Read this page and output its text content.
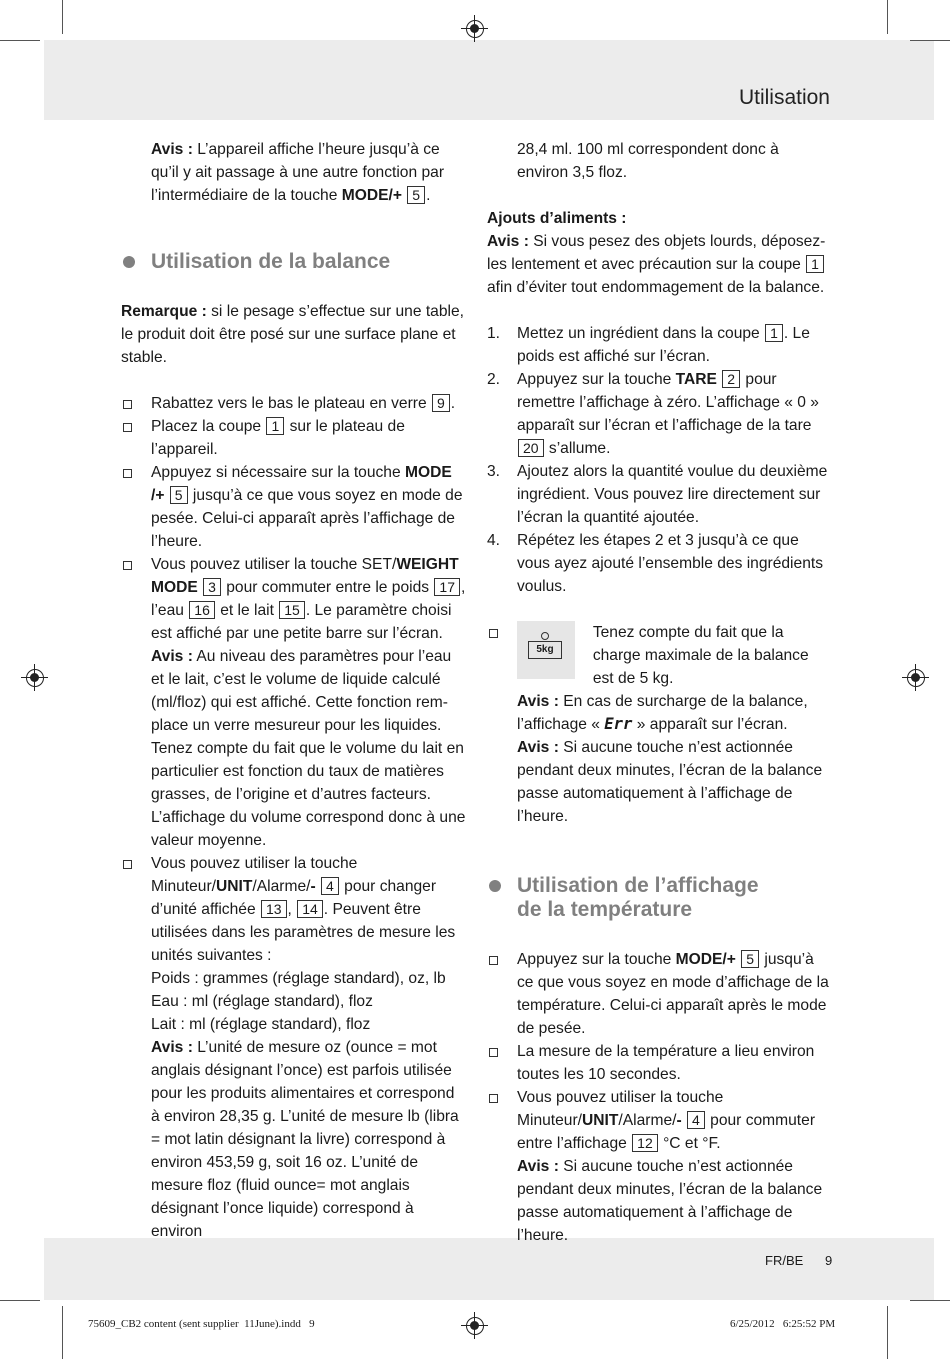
Utilisation

Avis : L’appareil affiche l’heure jusqu’à ce qu’il y ait passage à une autre fonction par l’intermédiaire de la touche MODE/+ 5 .

Utilisation de la balance

Remarque : si le pesage s’effectue sur une table, le produit doit être posé sur une surface plane et stable.

Rabattez vers le bas le plateau en verre 9 .
Placez la coupe 1 sur le plateau de l’appareil.
Appuyez si nécessaire sur la touche MODE /+ 5 jusqu’à ce que vous soyez en mode de pesée. Celui-ci apparaît après l’affichage de l’heure.
Vous pouvez utiliser la touche SET/WEIGHT MODE 3 pour commuter entre le poids 17 , l’eau 16 et le lait 15 . Le paramètre choisi est affiché par une petite barre sur l’écran.
Avis : Au niveau des paramètres pour l’eau et le lait, c’est le volume de liquide calculé (ml/floz) qui est affiché. Cette fonction remplace un verre mesureur pour les liquides. Tenez compte du fait que le volume du lait en particulier est fonction du taux de matières grasses, de l’origine et d’autres facteurs. L’affichage du volume correspond donc à une valeur moyenne.
Vous pouvez utiliser la touche Minuteur/UNIT/Alarme/- 4 pour changer d’unité affichée 13 , 14 . Peuvent être utilisées dans les paramètres de mesure les unités suivantes :
Poids : grammes (réglage standard), oz, lb
Eau : ml (réglage standard), floz
Lait : ml (réglage standard), floz
Avis : L’unité de mesure oz (ounce = mot anglais désignant l’once) est parfois utilisée pour les produits alimentaires et correspond à environ 28,35 g. L’unité de mesure lb (libra = mot latin désignant la livre) correspond à environ 453,59 g, soit 16 oz. L’unité de mesure floz (fluid ounce= mot anglais désignant l’once liquide) correspond à environ

28,4 ml. 100 ml correspondent donc à environ 3,5 floz.

Ajouts d’aliments :
Avis : Si vous pesez des objets lourds, déposez-les lentement et avec précaution sur la coupe 1 afin d’éviter tout endommagement de la balance.

1. Mettez un ingrédient dans la coupe 1 . Le poids est affiché sur l’écran.
2. Appuyez sur la touche TARE 2 pour remettre l’affichage à zéro. L’affichage « 0 » apparaît sur l’écran et l’affichage de la tare 20 s’allume.
3. Ajoutez alors la quantité voulue du deuxième ingrédient. Vous pouvez lire directement sur l’écran la quantité ajoutée.
4. Répétez les étapes 2 et 3 jusqu’à ce que vous ayez ajouté l’ensemble des ingrédients voulus.
5kg
Tenez compte du fait que la charge maximale de la balance est de 5 kg.
Avis : En cas de surcharge de la balance, l’affichage « Err » apparaît sur l’écran.
Avis : Si aucune touche n’est actionnée pendant deux minutes, l’écran de la balance passe automatiquement à l’affichage de l’heure.
Utilisation de l’affichage
de la température
Appuyez sur la touche MODE/+ 5 jusqu’à ce que vous soyez en mode d’affichage de la température. Celui-ci apparaît après le mode de pesée.
La mesure de la température a lieu environ toutes les 10 secondes.
Vous pouvez utiliser la touche Minuteur/UNIT/Alarme/- 4 pour commuter entre l’affichage 12 °C et °F.
Avis : Si aucune touche n’est actionnée pendant deux minutes, l’écran de la balance passe automatiquement à l’affichage de l’heure.
FR/BE      9
75609_CB2 content (sent supplier  11June).indd   9	6/25/2012   6:25:52 PM
